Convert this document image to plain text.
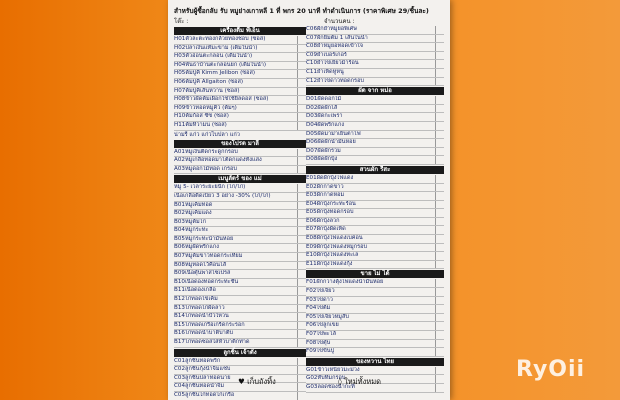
สำหรับผู้ซื้อกลับ รับ หมูย่างเกาหลี 1 ที่ พกร 20 นาที ทำดำเนินการ (ราคาพิเศษ 29/ชิ้นละ)
โต๊ะ :	จำนวนคน :
เครื่องดื่ม พีเอ็น
H01ตัวละตะทองกล้วยทองชอบ (ซอส)
H02ปลาเงินแท้มะขาม (เติมในน้ำ)
H03ตัวอ่อนตะกลอน (เติมในน้ำ)
H04พันธาบ้านตะกลอนยก (เติมในน้ำ)
H05ต้มปูคิ Kimm Jelibon (ซอส)
H06ต้มปูคิ Allgaiton (ซอส)
H07ต้มปูคิเส้นหวาน (ซอส)
H08ข้าวผัดต้มเผือกใช่ใช้ยิ่ลดอส (ซอส)
H09ข้าวทอดหมูคิ่ว (ต้มๆ)
H10ต้มก้อส ซีซ (ซอส)
H11ต้มหิวามน (ซอส)
น่ามรี แก่ว แก่วไบปลา แก่ว
ของโปรด มาลี
A01หมูเงินติดกระดูกกรอบ
A02หมูเกลือทอดมาโต้ดกแดงทั้งแสง
A03หมูดอกไม้ทอด เกรอบ
เมนูลัดร์ ของ แม่
หมู 5- เวลาระยะยนัก (ไก่/ไก่)
เนื้อเกลือติดเบี้ยว 3 อย่าง -30% (ไก่/ไก่)
B01หมูเค็มทอด
B02หมูเค็มแดง
B03หมูต้มไก่
B04หมูกระทะ
B05หมูกระทะน้ำมันหอย
B06หมูผัดพริกแกง
B07หมูต้มขาวทอดกระเทียม
B08หมูทอดไว้คื่อนไส้
B09เนื้อตุ๋นพาสโซเปรส
B10เนื้อดองทอดกระทะชั้น
B11เนื้อดองเกลือ
B12ไก่ทอดไข่เค็ม
B13ไก่ทอดไก่ผัดลาว
B14ไก่ทอดน้ำบัวใหวน
B15ไก่ทอดเกรือเกร็ดกระรอก
B16ไก่ทอดน้ำบาติบาติบ
B17ไก่ทอดซอสใส่หัวบาติกท่าด
ลูกชิ้น เจ้าดัง
C01ลูกชิ้นทอดพริก
C02ลูกชิ้นกุ้งน้ำจิ้มแซ่บ
C03ลูกชิ้นปลาทอดนาย
C04ลูกชิ้นทอดนำจิ้ม
C05ลูกชิ้นไก่ทอดไก่เกรือ
C06ผักยำหมูยอพิเศษ
C07ผักยิ้มต้ม 1 เส้นในน้ำ
C08ยำหมูยอทอดเข้าใจ
C09ยำเบอร์เกอร์
C10ยำไข่เยี่ยวม้าร้อน
C11ยำเห็ดหูหนู
C12ยำไข่ดาวทอดกรอบ
ผัด จาก หม่อ
D01ผัดดอกไม้
D02ผัดผักไส้
D03ผัดกะเพรา
D04ผัดพริกแกง
D05ผัดมาม่าเย็นตาโฟ
D06ผัดผักน้ำมันหอย
D07ผัดผักรวม
D08ผัดผักบุ้ง
สวนผัก รีสะ
E01ผัดผักบุ้งไฟแดง
E02ผักกาดขาว
E03ผักกาดหอม
E04ผักบุ้งกระทะร้อน
E05ผักบุ้งทอดกรอบ
E06ผักบุ้งลวก
E07ผักบุ้งผัดเห็ด
E08ผักบุ้งไฟแดงเบค่อน
E09ผักบุ้งไฟแดงหมูกรอบ
E10ผักบุ้งไฟแดงทะเล
E11ผักบุ้งไฟแดงกุ้ง
ขาย ไม่ ได้
F01ผักกวางตุ้งไฟแดงน้ำมันหอย
F02ไข่เจียว
F03ไข่ดาว
F04ไข่ต้ม
F05ไข่เจียวหมูสับ
F06ไข่ลูกเขย
F07ไข่พะโล้
F08ไข่ตุ๋น
F09ไข่ข้นปู
ของหวาน ไทย
G01ข้าวเหนียวมะม่วง
G02ทับทิมกรอบ
G03ลอดช่องน้ำกะทิ
♥ เก็บถังทิ้ง	◊ ใหม่ทั้งหมด	RyOii
